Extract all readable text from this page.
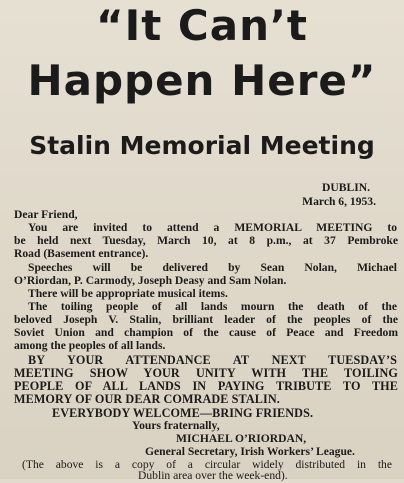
“It Can’t
Happen Here”
Stalin Memorial Meeting
DUBLIN.
March 6, 1953.
Dear Friend,
You are invited to attend a MEMORIAL MEETING to
be held next Tuesday, March 10, at 8 p.m., at 37 Pembroke
Road (Basement entrance).
Speeches will be delivered by Sean Nolan, Michael
O’Riordan, P. Carmody, Joseph Deasy and Sam Nolan.
There will be appropriate musical items.
The toiling people of all lands mourn the death of the
beloved Joseph V. Stalin, brilliant leader of the peoples of the
Soviet Union and champion of the cause of Peace and Freedom
among the peoples of all lands.
BY YOUR ATTENDANCE AT NEXT TUESDAY’S
MEETING SHOW YOUR UNITY WITH THE TOILING
PEOPLE OF ALL LANDS IN PAYING TRIBUTE TO THE
MEMORY OF OUR DEAR COMRADE STALIN.
EVERYBODY WELCOME—BRING FRIENDS.
Yours fraternally,
MICHAEL O’RIORDAN,
General Secretary, Irish Workers’ League.
(The above is a copy of a circular widely distributed in the
Dublin area over the week-end).
